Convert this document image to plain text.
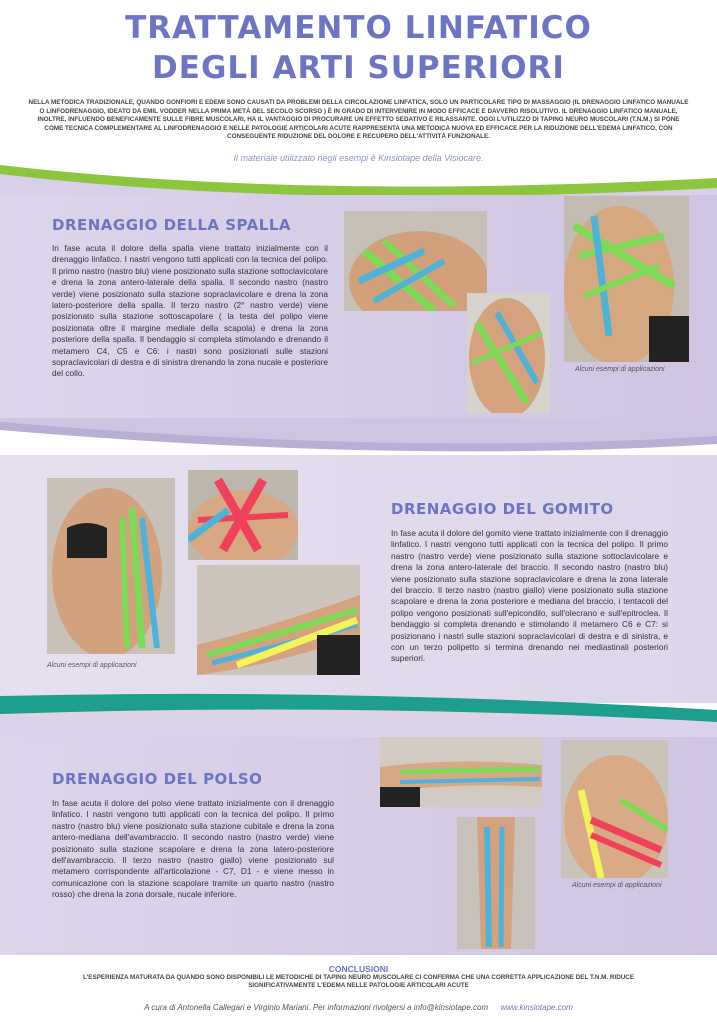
TRATTAMENTO LINFATICO
DEGLI ARTI SUPERIORI
NELLA METODICA TRADIZIONALE, QUANDO GONFIORI E EDEMI SONO CAUSATI DA PROBLEMI DELLA CIRCOLAZIONE LINFATICA, SOLO UN PARTICOLARE TIPO DI MASSAGGIO (IL DRENAGGIO LINFATICO MANUALE O LINFODRENAGGIO, IDEATO DA EMIL VODDER NELLA PRIMA METÀ DEL SECOLO SCORSO ) È IN GRADO DI INTERVENIRE IN MODO EFFICACE E DAVVERO RISOLUTIVO. IL DRENAGGIO LINFATICO MANUALE, INOLTRE, INFLUENDO BENEFICAMENTE SULLE FIBRE MUSCOLARI, HA IL VANTAGGIO DI PROCURARE UN EFFETTO SEDATIVO E RILASSANTE. OGGI L'UTILIZZO DI TAPING NEURO MUSCOLARI (T.N.M.) SI PONE COME TECNICA COMPLEMENTARE AL LINFODRENAGGIO E NELLE PATOLOGIE ARTICOLARI ACUTE RAPPRESENTA UNA METODICA NUOVA ED EFFICACE PER LA RIDUZIONE DELL'EDEMA LINFATICO, CON CONSEGUENTE RIDUZIONE DEL DOLORE E RECUPERO DELL'ATTIVITÀ FUNZIONALE.
Il materiale utilizzato negli esempi è Kinsiotape della Visiocare.
DRENAGGIO DELLA SPALLA
In fase acuta il dolore della spalla viene trattato inizialmente con il drenaggio linfatico. I nastri vengono tutti applicati con la tecnica del polipo. Il primo nastro (nastro blu) viene posizionato sulla stazione sottoclavicolare e drena la zona antero-laterale della spalla. Il secondo nastro (nastro verde) viene posizionato sulla stazione sopraclavicolare e drena la zona latero-posteriore della spalla. Il terzo nastro (2° nastro verde) viene posizionato sulla stazione sottoscapolare ( la testa del polipo viene posizionata oltre il margine mediale della scapola) e drena la zona posteriore della spalla. Il bendaggio si completa stimolando e drenando il metamero C4, C5 e C6: i nastri sono posizionati sulle stazioni sopraclavicolari di destra e di sinistra drenando la zona nucale e posteriore del collo.	Alcuni esempi di applicazioni
Alcuni esempi di applicazioni
DRENAGGIO DEL GOMITO
In fase acuta il dolore del gomito viene trattato inizialmente con il drenaggio linfatico. I nastri vengono tutti applicati con la tecnica del polipo. Il primo nastro (nastro verde) viene posizionato sulla stazione sottoclavicolare e drena la zona antero-laterale del braccio. Il secondo nastro (nastro blu) viene posizionato sulla stazione sopraclavicolare e drena la zona laterale del braccio. Il terzo nastro (nastro giallo) viene posizionato sulla stazione scapolare e drena la zona posteriore e mediana del braccio, i tentacoli del polipo vengono posizionati sull'epicondilo, sull'olecrano e sull'epitroclea. Il bendaggio si completa drenando e stimolando il metamero C6 e C7: si posizionano i nastri sulle stazioni sopraclavicolari di destra e di sinistra, e con un terzo polipetto si termina drenando nei mediastinali posteriori superiori.
Alcuni esempi di applicazioni
DRENAGGIO DEL POLSO
In fase acuta il dolore del polso viene trattato inizialmente con il drenaggio linfatico. I nastri vengono tutti applicati con la tecnica del polipo. Il primo nastro (nastro blu) viene posizionato sulla stazione cubitale e drena la zona antero-mediana dell'avambraccio. Il secondo nastro (nastro verde) viene posizionato sulla stazione scapolare e drena la zona latero-posteriore dell'avambraccio. Il terzo nastro (nastro giallo) viene posizionato sul metamero corrispondente all'articolazione - C7, D1 - e viene messo in comunicazione con la stazione scapolare tramite un quarto nastro (nastro rosso) che drena la zona dorsale, nucale inferiore.
CONCLUSIONI
L'ESPERIENZA MATURATA DA QUANDO SONO DISPONIBILI LE METODICHE DI TAPING NEURO MUSCOLARE CI CONFERMA CHE UNA CORRETTA APPLICAZIONE DEL T.N.M. RIDUCE SIGNIFICATIVAMENTE L'EDEMA NELLE PATOLOGIE ARTICOLARI ACUTE
A cura di Antonella Callegari e Virginio Mariani. Per informazioni rivolgersi a info@kinsiotape.com www.kinsiotape.com
